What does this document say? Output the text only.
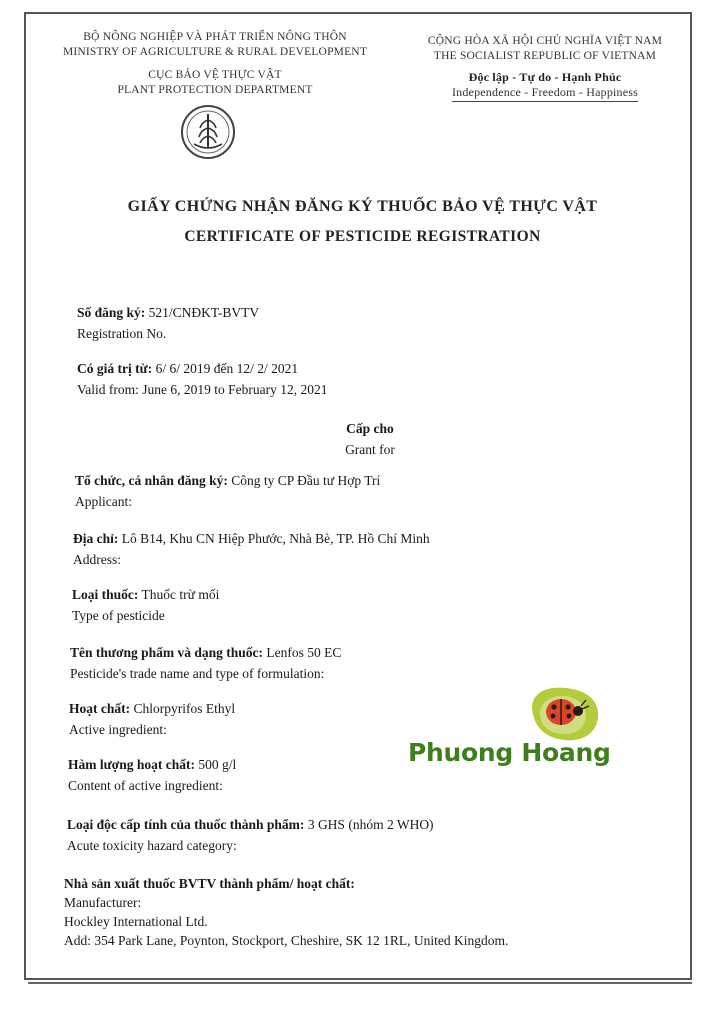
BỘ NÔNG NGHIỆP VÀ PHÁT TRIỂN NÔNG THÔN
MINISTRY OF AGRICULTURE & RURAL DEVELOPMENT
CỤC BẢO VỆ THỰC VẬT
PLANT PROTECTION DEPARTMENT
CỘNG HÒA XÃ HỘI CHỦ NGHĨA VIỆT NAM
THE SOCIALIST REPUBLIC OF VIETNAM
Độc lập - Tự do - Hạnh Phúc
Independence - Freedom - Happiness
GIẤY CHỨNG NHẬN ĐĂNG KÝ THUỐC BẢO VỆ THỰC VẬT
CERTIFICATE OF PESTICIDE REGISTRATION
Số đăng ký: 521/CNĐKT-BVTV
Registration No.
Có giá trị từ: 6/ 6/ 2019 đến 12/ 2/ 2021
Valid from: June 6, 2019 to February 12, 2021
Cấp cho
Grant for
Tổ chức, cá nhân đăng ký: Công ty CP Đầu tư Hợp Trí
Applicant:
Địa chỉ: Lô B14, Khu CN Hiệp Phước, Nhà Bè, TP. Hồ Chí Minh
Address:
Loại thuốc: Thuốc trừ mối
Type of pesticide
Tên thương phẩm và dạng thuốc: Lenfos 50 EC
Pesticide's trade name and type of formulation:
Hoạt chất: Chlorpyrifos Ethyl
Active ingredient:
Hàm lượng hoạt chất: 500 g/l
Content of active ingredient:
Loại độc cấp tính của thuốc thành phẩm: 3 GHS (nhóm 2 WHO)
Acute toxicity hazard category:
Nhà sản xuất thuốc BVTV thành phẩm/ hoạt chất:
Manufacturer:
Hockley International Ltd.
Add: 354 Park Lane, Poynton, Stockport, Cheshire, SK 12 1RL, United Kingdom.
Phuong Hoang
